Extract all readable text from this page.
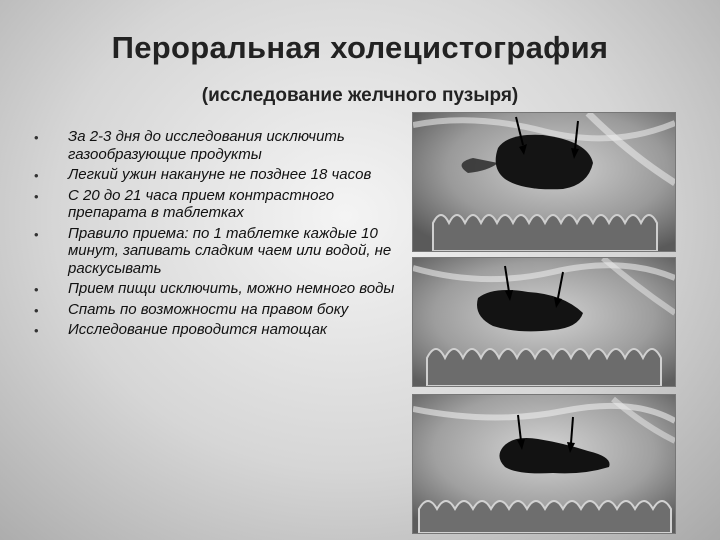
Пероральная холецистография
(исследование желчного пузыря)
• За 2-3 дня до исследования исключить газообразующие продукты
• Легкий ужин накануне не позднее 18 часов
• С 20 до 21 часа прием контрастного препарата в таблетках
• Правило приема: по 1 таблетке каждые 10 минут, запивать сладким чаем или водой, не раскусывать
• Прием пищи исключить, можно немного воды
• Спать по возможности на правом боку
• Исследование проводится натощак
